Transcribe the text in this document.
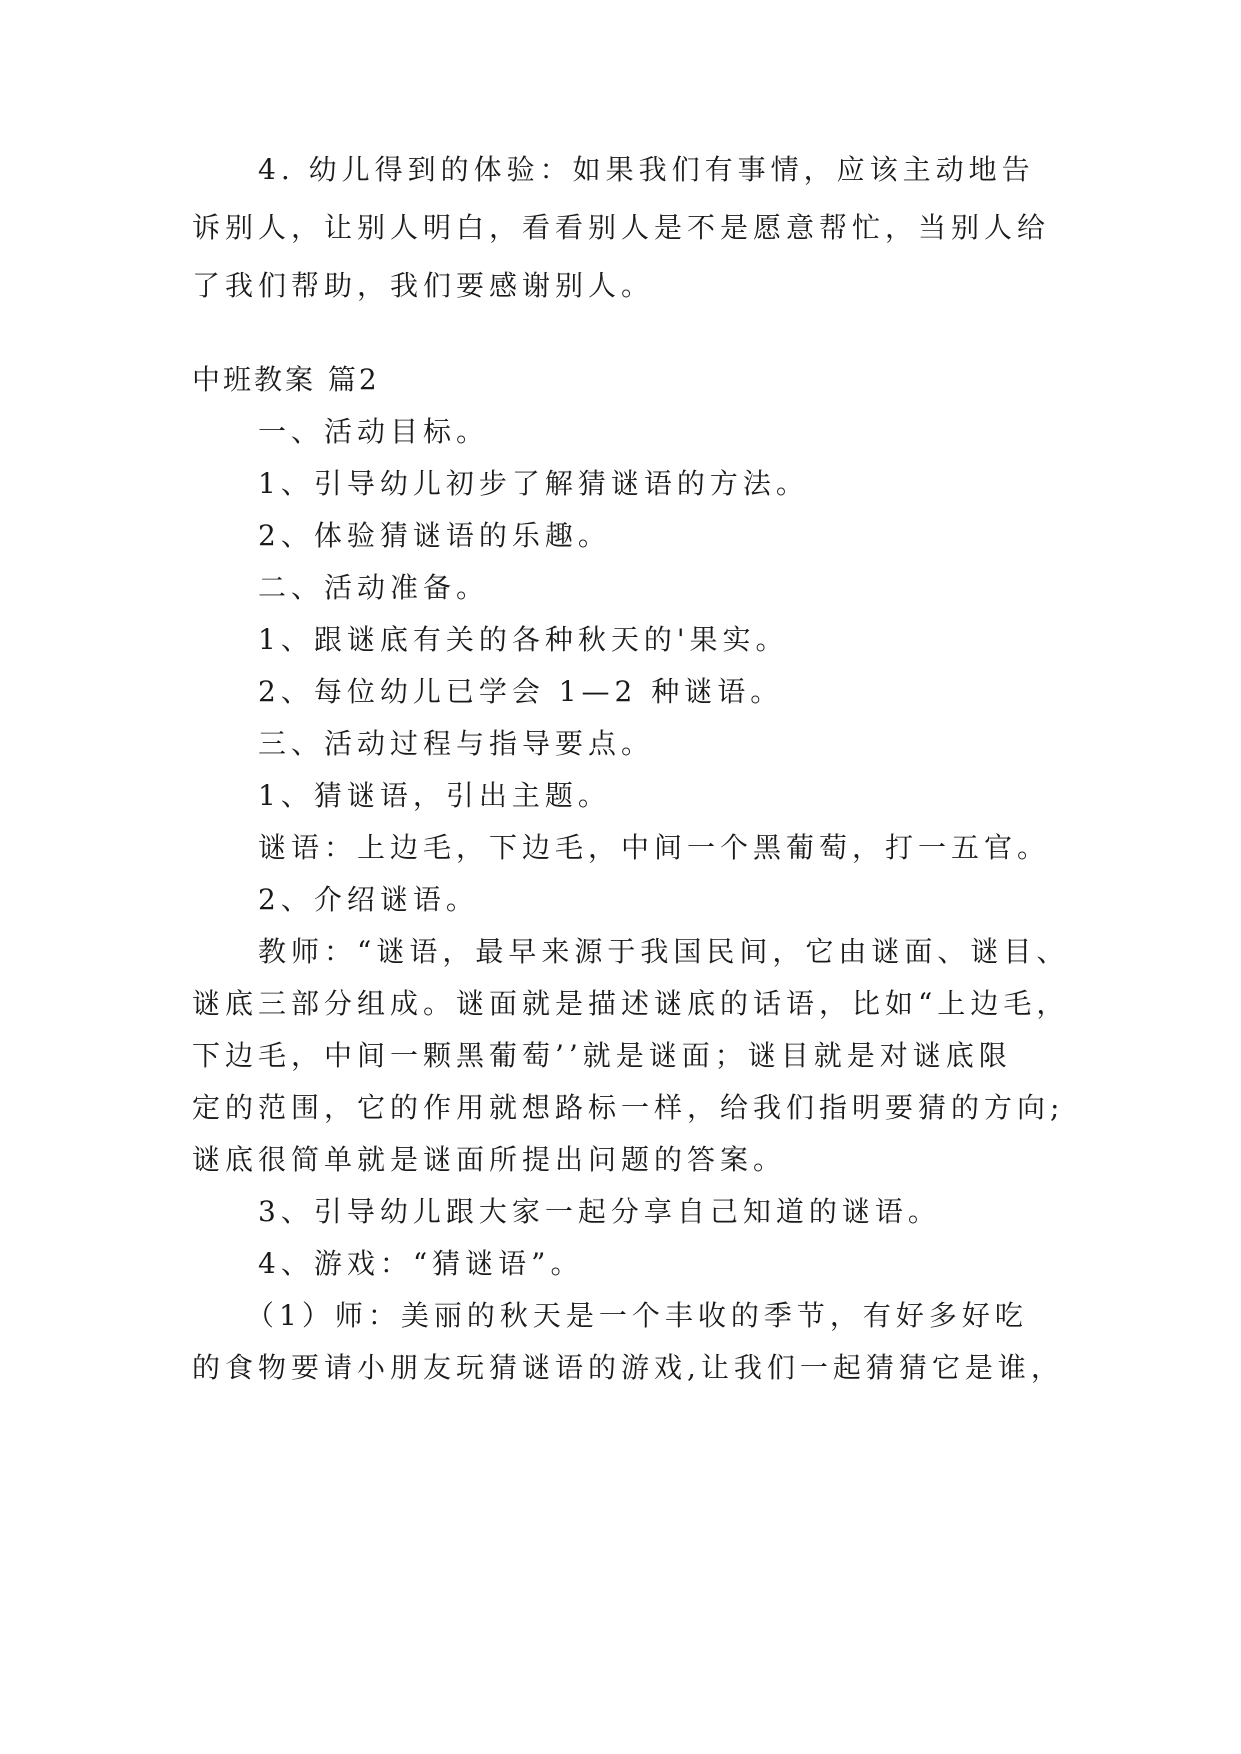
4. 幼儿得到的体验：如果我们有事情，应该主动地告
诉别人，让别人明白，看看别人是不是愿意帮忙，当别人给
了我们帮助，我们要感谢别人。
中班教案 篇2
一、活动目标。
1、引导幼儿初步了解猜谜语的方法。
2、体验猜谜语的乐趣。
二、活动准备。
1、跟谜底有关的各种秋天的'果实。
2、每位幼儿已学会 1—2 种谜语。
三、活动过程与指导要点。
1、猜谜语，引出主题。
谜语：上边毛，下边毛，中间一个黑葡萄，打一五官。
2、介绍谜语。
教师：“谜语，最早来源于我国民间，它由谜面、谜目、
谜底三部分组成。谜面就是描述谜底的话语，比如“上边毛，
下边毛，中间一颗黑葡萄’’就是谜面；谜目就是对谜底限
定的范围，它的作用就想路标一样，给我们指明要猜的方向;
谜底很简单就是谜面所提出问题的答案。
3、引导幼儿跟大家一起分享自己知道的谜语。
4、游戏：“猜谜语”。
（1）师：美丽的秋天是一个丰收的季节，有好多好吃
的食物要请小朋友玩猜谜语的游戏,让我们一起猜猜它是谁，
